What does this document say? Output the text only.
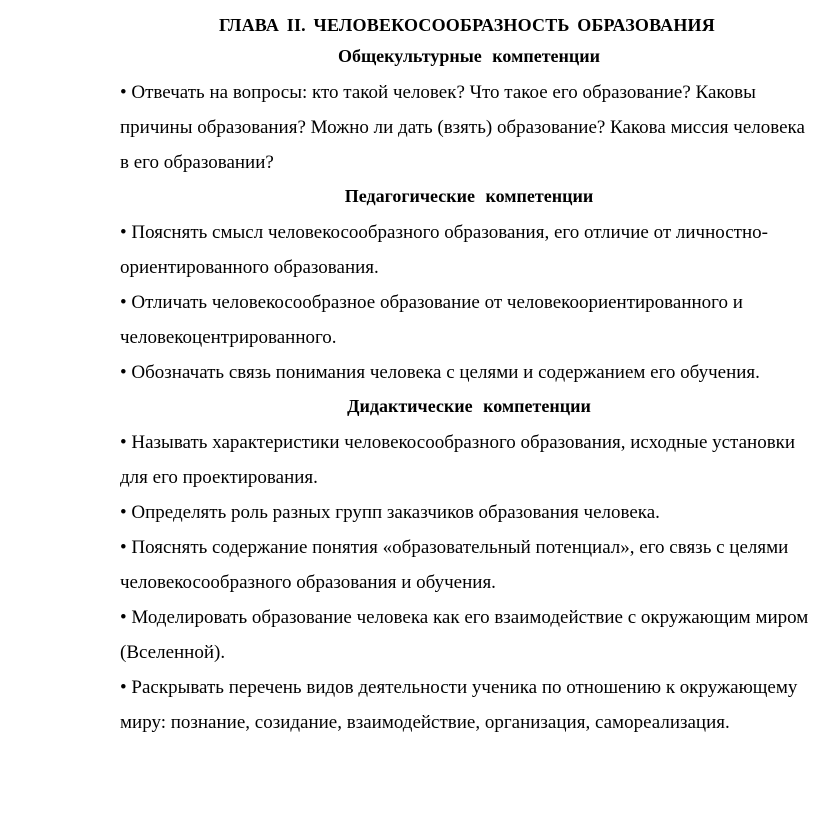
ГЛАВА II. ЧЕЛОВЕКОСООБРАЗНОСТЬ ОБРАЗОВАНИЯ
Общекультурные компетенции

• Отвечать на вопросы: кто такой человек? Что такое его образование? Каковы причины образования? Можно ли дать (взять) образование? Какова миссия человека в его образовании?

Педагогические компетенции

• Пояснять смысл человекосообразного образования, его отличие от личностно-ориентированного образования.

• Отличать человекосообразное образование от человекоориентированного и человекоцентрированного.

• Обозначать связь понимания человека с целями и содержанием его обучения.

Дидактические компетенции

• Называть характеристики человекосообразного образования, исходные установки для его проектирования.

• Определять роль разных групп заказчиков образования человека.

• Пояснять содержание понятия «образовательный потенциал», его связь с целями человекосообразного образования и обучения.

• Моделировать образование человека как его взаимодействие с окружающим миром (Вселенной).

• Раскрывать перечень видов деятельности ученика по отношению к окружающему миру: познание, созидание, взаимодействие, организация, самореализация.
